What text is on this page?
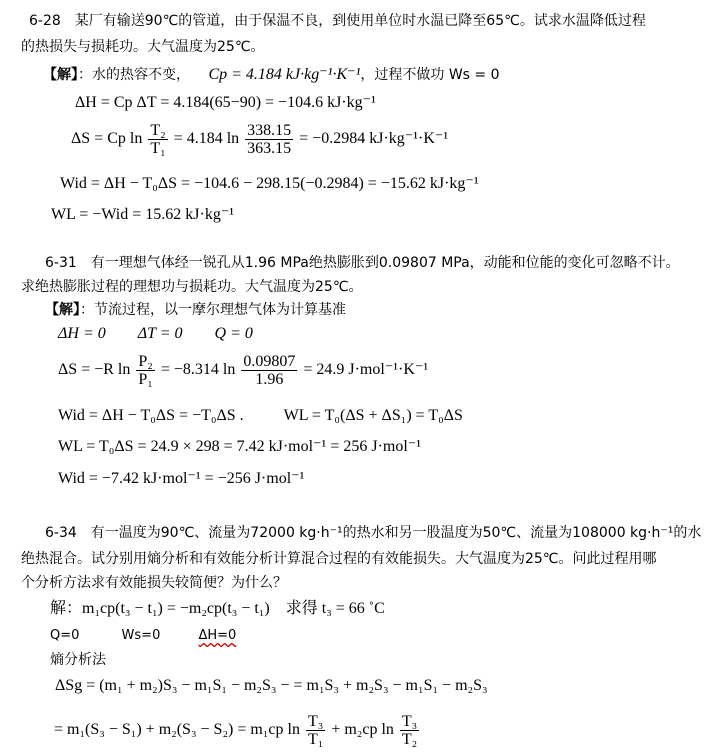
6-28　某厂有输送90℃的管道，由于保温不良，到使用单位时水温已降至65℃。试求水温降低过程
的热损失与损耗功。大气温度为25℃。
【解】：水的热容不变， Cp = 4.184 kJ·kg⁻¹·K⁻¹，过程不做功 Ws = 0
ΔH = Cp ΔT = 4.184(65−90) = −104.6 kJ·kg⁻¹
ΔS = Cp $\ln \frac{\text{T₂}}{\text{T₁}} = 4.184$ $\ln \frac{338.15}{363.15} = -0.2984$ kJ·kg⁻¹·K⁻¹
Wid = ΔH − T₀ΔS = −104.6 − 298.15(−0.2984) = −15.62 kJ·kg⁻¹
WL = −Wid = 15.62 kJ·kg⁻¹
6-31　有一理想气体经一锐孔从1.96 MPa绝热膨胀到0.09807 MPa，动能和位能的变化可忽略不计。
求绝热膨胀过程的理想功与损耗功。大气温度为25℃。
【解】：节流过程，以一摩尔理想气体为计算基准
ΔH = 0　　ΔT = 0　　Q = 0
ΔS = −R $\ln \frac{\text{P₂}}{\text{P₁}} = -8.314$ $\ln \frac{0.09807}{1.96} = 24.9$ J·mol⁻¹·K⁻¹
Wid = ΔH − T₀ΔS = −T₀ΔS .	WL = T₀(ΔS + ΔS₁) = T₀ΔS
WL = T₀ΔS = 24.9 × 298 = 7.42 kJ·mol⁻¹ = 256 J·mol⁻¹
Wid = −7.42 kJ·mol⁻¹ = −256 J·mol⁻¹
6-34　有一温度为90℃、流量为72000 kg·h⁻¹的热水和另一股温度为50℃、流量为108000 kg·h⁻¹的水
绝热混合。试分别用熵分析和有效能分析计算混合过程的有效能损失。大气温度为25℃。问此过程用哪
个分析方法求有效能损失较简便？为什么？
解：m₁cp(t₃ − t₁) = −m₂cp(t₃ − t₁)　求得 t₃ = 66 ˚C
Q=0	Ws=0	ΔH=0
熵分析法
ΔSg = (m₁ + m₂)S₃ − m₁S₁ − m₂S₃ − = m₁S₃ + m₂S₃ − m₁S₁ − m₂S₃
= m₁(S₃ − S₁) + m₂(S₃ − S₂) = m₁cp $\ln \frac{\text{T₃}}{\text{T₁}} + m_2cp$ $\ln \frac{\text{T₃}}{\text{T₂}}$
